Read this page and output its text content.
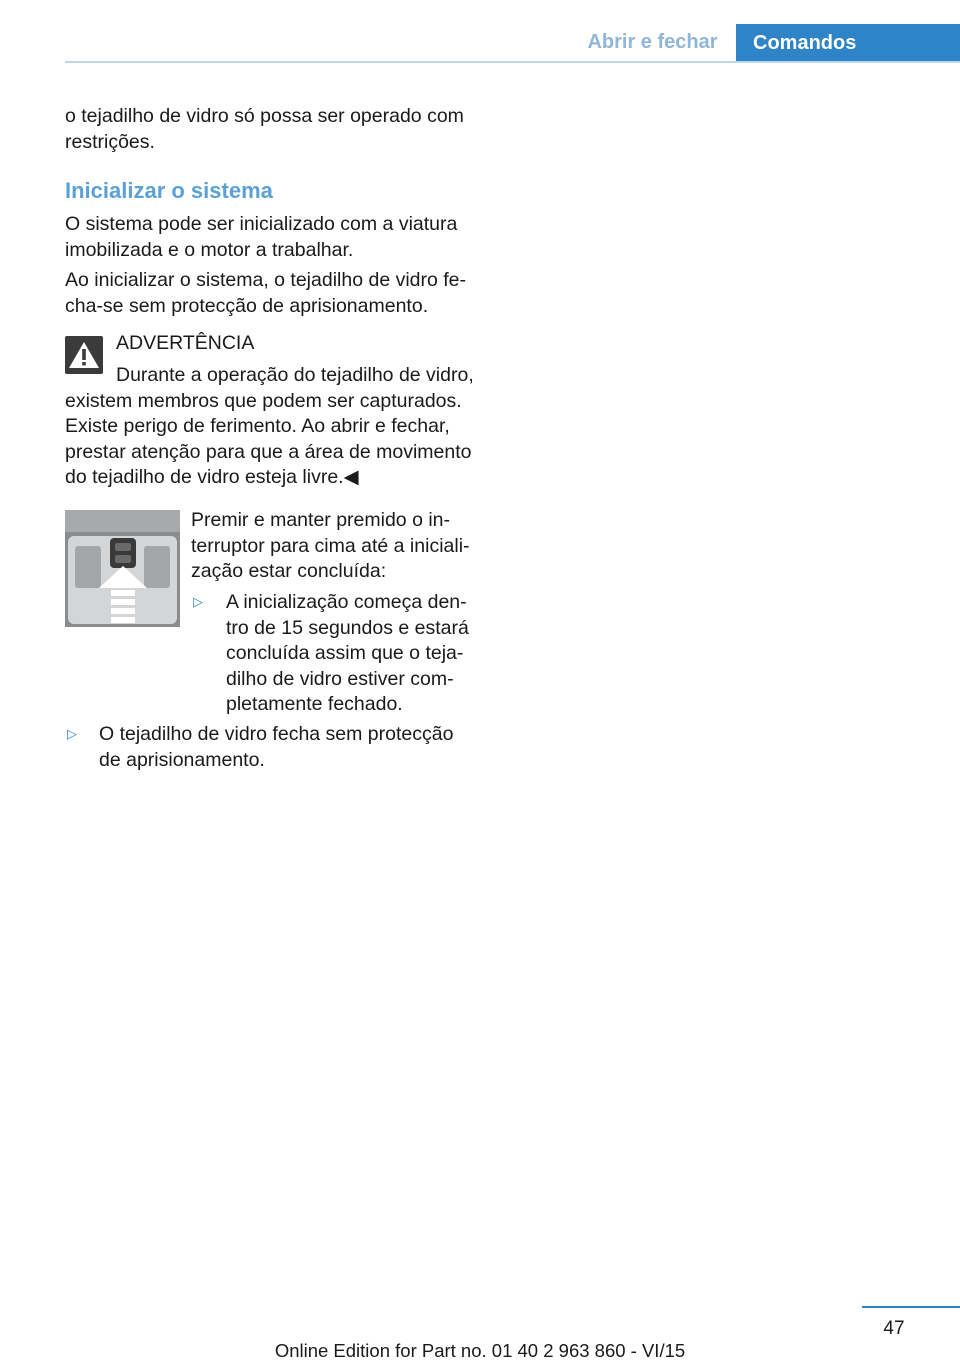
Abrir e fechar	Comandos

o tejadilho de vidro só possa ser operado com restrições.

Inicializar o sistema

O sistema pode ser inicializado com a viatura imobilizada e o motor a trabalhar.

Ao inicializar o sistema, o tejadilho de vidro fe-cha-se sem protecção de aprisionamento.

ADVERTÊNCIA

Durante a operação do tejadilho de vidro, existem membros que podem ser capturados. Existe perigo de ferimento. Ao abrir e fechar, prestar atenção para que a área de movimento do tejadilho de vidro esteja livre.◀

Premir e manter premido o in-terruptor para cima até a iniciali-zação estar concluída:

▷ A inicialização começa den-tro de 15 segundos e estará concluída assim que o teja-dilho de vidro estiver com-pletamente fechado.

▷ O tejadilho de vidro fecha sem protecção de aprisionamento.

47
Online Edition for Part no. 01 40 2 963 860 - VI/15
